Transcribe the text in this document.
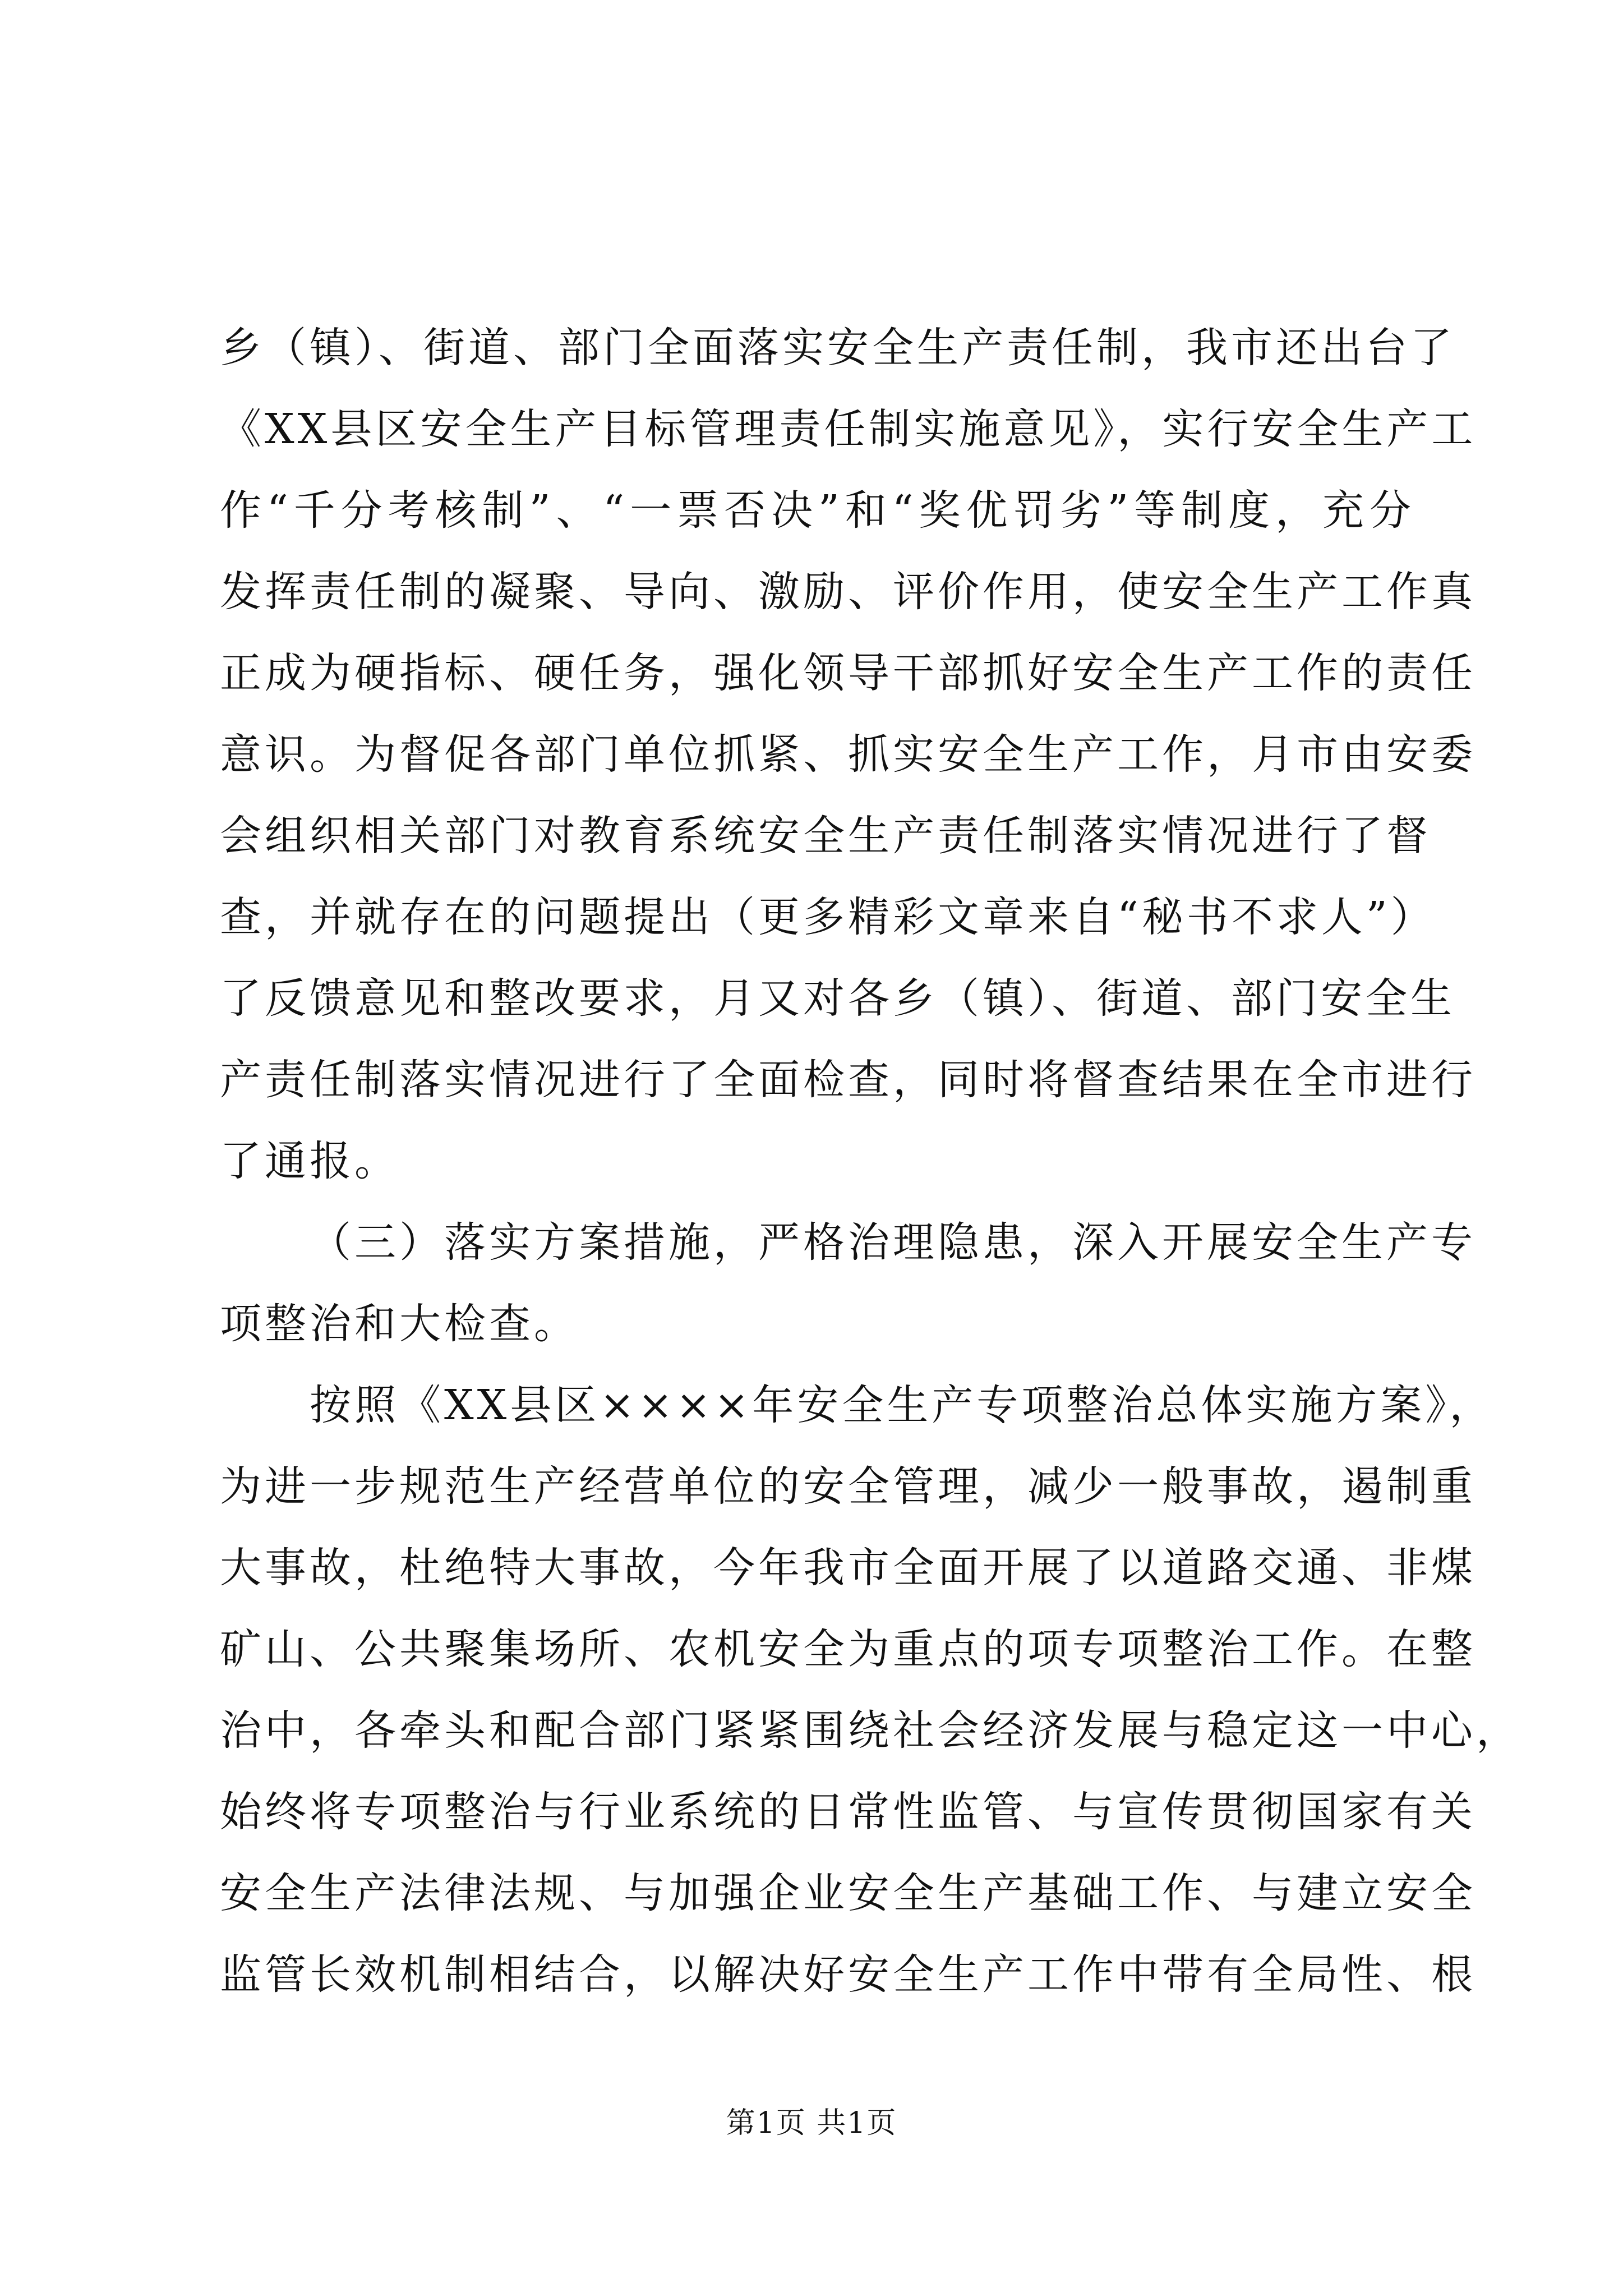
乡（镇）、街道、部门全面落实安全生产责任制，我市还出台了
《XX县区安全生产目标管理责任制实施意见》，实行安全生产工
作“千分考核制”、“一票否决”和“奖优罚劣”等制度，充分
发挥责任制的凝聚、导向、激励、评价作用，使安全生产工作真
正成为硬指标、硬任务，强化领导干部抓好安全生产工作的责任
意识。为督促各部门单位抓紧、抓实安全生产工作，月市由安委
会组织相关部门对教育系统安全生产责任制落实情况进行了督
查，并就存在的问题提出（更多精彩文章来自“秘书不求人”）
了反馈意见和整改要求，月又对各乡（镇）、街道、部门安全生
产责任制落实情况进行了全面检查，同时将督查结果在全市进行
了通报。
（三）落实方案措施，严格治理隐患，深入开展安全生产专
项整治和大检查。
按照《XX县区××××年安全生产专项整治总体实施方案》，
为进一步规范生产经营单位的安全管理，减少一般事故，遏制重
大事故，杜绝特大事故，今年我市全面开展了以道路交通、非煤
矿山、公共聚集场所、农机安全为重点的项专项整治工作。在整
治中，各牵头和配合部门紧紧围绕社会经济发展与稳定这一中心，
始终将专项整治与行业系统的日常性监管、与宣传贯彻国家有关
安全生产法律法规、与加强企业安全生产基础工作、与建立安全
监管长效机制相结合，以解决好安全生产工作中带有全局性、根
第1页 共1页
